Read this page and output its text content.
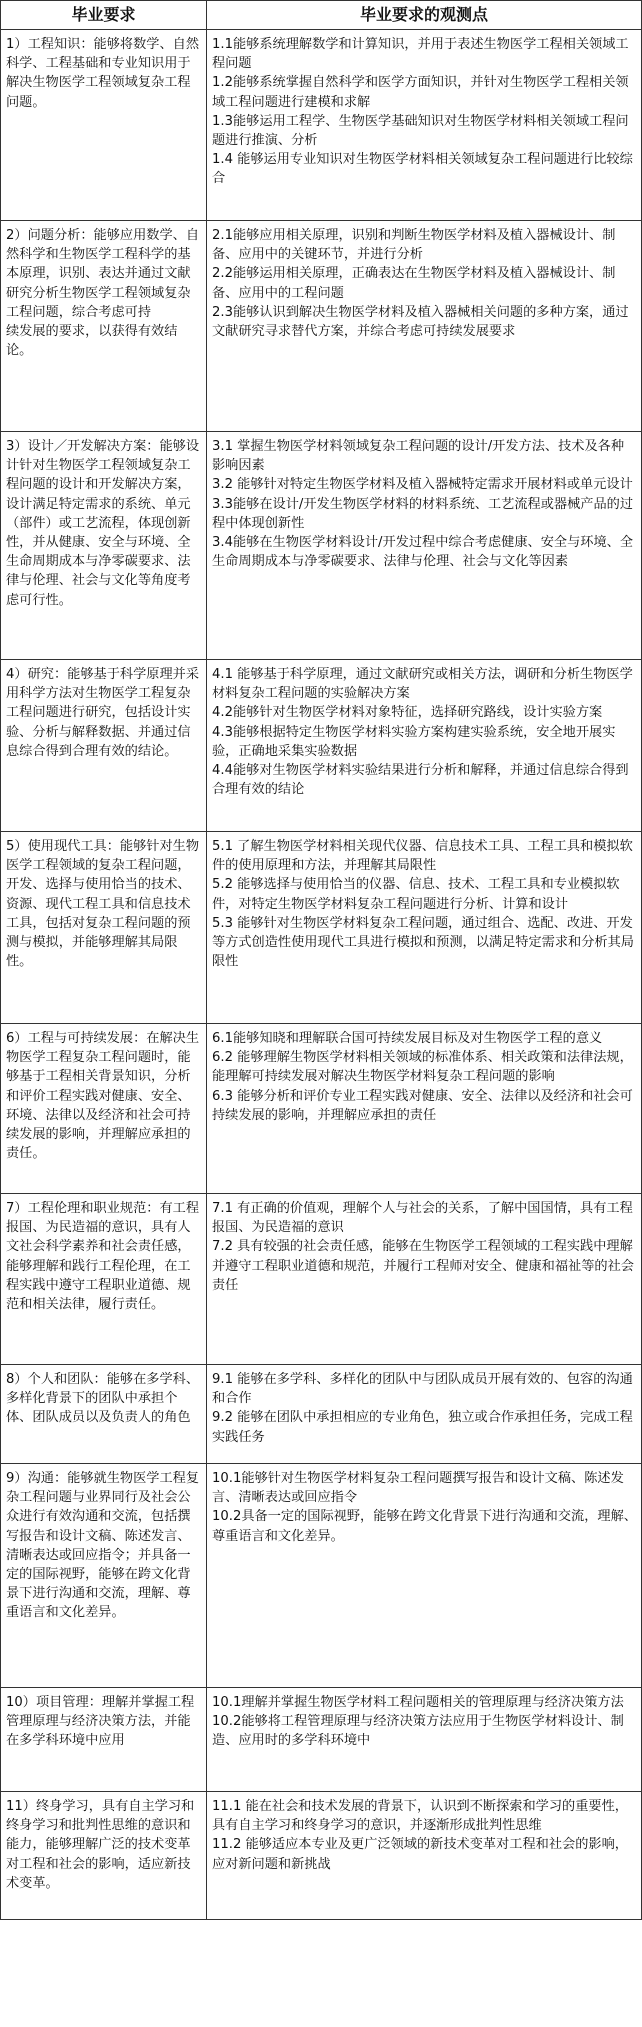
毕业要求	毕业要求的观测点

1）工程知识：能够将数学、自然科学、工程基础和专业知识用于解决生物医学工程领域复杂工程问题。	1.1能够系统理解数学和计算知识，并用于表述生物医学工程相关领域工程问题
1.2能够系统掌握自然科学和医学方面知识，并针对生物医学工程相关领域工程问题进行建模和求解
1.3能够运用工程学、生物医学基础知识对生物医学材料相关领域工程问题进行推演、分析
1.4 能够运用专业知识对生物医学材料相关领域复杂工程问题进行比较综合

2）问题分析：能够应用数学、自然科学和生物医学工程科学的基本原理，识别、表达并通过文献研究分析生物医学工程领域复杂工程问题，综合考虑可持
续发展的要求，以获得有效结论。	2.1能够应用相关原理，识别和判断生物医学材料及植入器械设计、制备、应用中的关键环节，并进行分析
2.2能够运用相关原理，正确表达在生物医学材料及植入器械设计、制备、应用中的工程问题
2.3能够认识到解决生物医学材料及植入器械相关问题的多种方案，通过文献研究寻求替代方案，并综合考虑可持续发展要求

3）设计／开发解决方案：能够设计针对生物医学工程领域复杂工程问题的设计和开发解决方案，设计满足特定需求的系统、单元（部件）或工艺流程，体现创新性，并从健康、安全与环境、全生命周期成本与净零碳要求、法律与伦理、社会与文化等角度考虑可行性。	3.1 掌握生物医学材料领域复杂工程问题的设计/开发方法、技术及各种影响因素
3.2 能够针对特定生物医学材料及植入器械特定需求开展材料或单元设计
3.3能够在设计/开发生物医学材料的材料系统、工艺流程或器械产品的过程中体现创新性
3.4能够在生物医学材料设计/开发过程中综合考虑健康、安全与环境、全生命周期成本与净零碳要求、法律与伦理、社会与文化等因素

4）研究：能够基于科学原理并采用科学方法对生物医学工程复杂工程问题进行研究，包括设计实验、分析与解释数据、并通过信息综合得到合理有效的结论。	4.1 能够基于科学原理，通过文献研究或相关方法，调研和分析生物医学材料复杂工程问题的实验解决方案
4.2能够针对生物医学材料对象特征，选择研究路线，设计实验方案
4.3能够根据特定生物医学材料实验方案构建实验系统，安全地开展实验，正确地采集实验数据
4.4能够对生物医学材料实验结果进行分析和解释，并通过信息综合得到合理有效的结论

5）使用现代工具：能够针对生物医学工程领域的复杂工程问题，开发、选择与使用恰当的技术、资源、现代工程工具和信息技术工具，包括对复杂工程问题的预测与模拟，并能够理解其局限性。	5.1 了解生物医学材料相关现代仪器、信息技术工具、工程工具和模拟软件的使用原理和方法，并理解其局限性
5.2 能够选择与使用恰当的仪器、信息、技术、工程工具和专业模拟软件，对特定生物医学材料复杂工程问题进行分析、计算和设计
5.3 能够针对生物医学材料复杂工程问题，通过组合、选配、改进、开发等方式创造性使用现代工具进行模拟和预测，以满足特定需求和分析其局限性

6）工程与可持续发展：在解决生物医学工程复杂工程问题时，能够基于工程相关背景知识，分析和评价工程实践对健康、安全、环境、法律以及经济和社会可持续发展的影响，并理解应承担的责任。	6.1能够知晓和理解联合国可持续发展目标及对生物医学工程的意义
6.2 能够理解生物医学材料相关领域的标准体系、相关政策和法律法规，能理解可持续发展对解决生物医学材料复杂工程问题的影响
6.3 能够分析和评价专业工程实践对健康、安全、法律以及经济和社会可持续发展的影响，并理解应承担的责任

7）工程伦理和职业规范：有工程报国、为民造福的意识，具有人文社会科学素养和社会责任感，能够理解和践行工程伦理，在工程实践中遵守工程职业道德、规范和相关法律，履行责任。	7.1 有正确的价值观，理解个人与社会的关系，了解中国国情，具有工程报国、为民造福的意识
7.2 具有较强的社会责任感，能够在生物医学工程领域的工程实践中理解并遵守工程职业道德和规范，并履行工程师对安全、健康和福祉等的社会责任

8）个人和团队：能够在多学科、多样化背景下的团队中承担个体、团队成员以及负责人的角色	9.1 能够在多学科、多样化的团队中与团队成员开展有效的、包容的沟通和合作
9.2 能够在团队中承担相应的专业角色，独立或合作承担任务，完成工程实践任务

9）沟通：能够就生物医学工程复杂工程问题与业界同行及社会公众进行有效沟通和交流，包括撰写报告和设计文稿、陈述发言、清晰表达或回应指令；并具备一定的国际视野，能够在跨文化背景下进行沟通和交流，理解、尊重语言和文化差异。	10.1能够针对生物医学材料复杂工程问题撰写报告和设计文稿、陈述发言、清晰表达或回应指令
10.2具备一定的国际视野，能够在跨文化背景下进行沟通和交流，理解、尊重语言和文化差异。

10）项目管理：理解并掌握工程管理原理与经济决策方法，并能在多学科环境中应用	10.1理解并掌握生物医学材料工程问题相关的管理原理与经济决策方法
10.2能够将工程管理原理与经济决策方法应用于生物医学材料设计、制造、应用时的多学科环境中

11）终身学习，具有自主学习和终身学习和批判性思维的意识和能力，能够理解广泛的技术变革对工程和社会的影响，适应新技术变革。	11.1 能在社会和技术发展的背景下，认识到不断探索和学习的重要性，具有自主学习和终身学习的意识，并逐渐形成批判性思维
11.2 能够适应本专业及更广泛领域的新技术变革对工程和社会的影响，应对新问题和新挑战
